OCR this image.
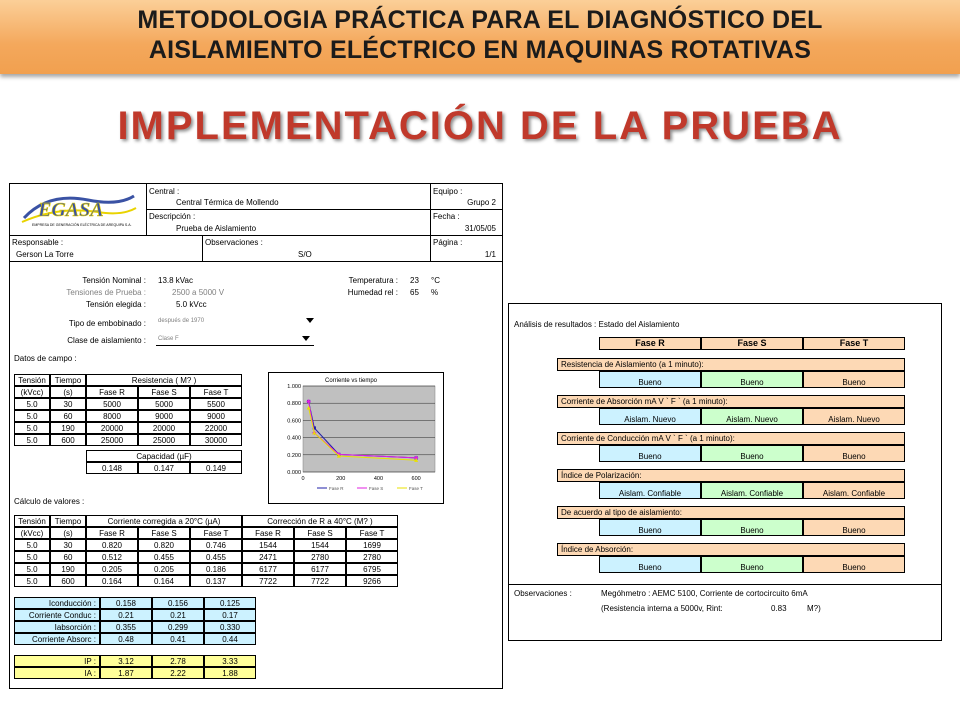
METODOLOGIA PRÁCTICA PARA EL DIAGNÓSTICO DEL
AISLAMIENTO ELÉCTRICO EN MAQUINAS ROTATIVAS
IMPLEMENTACIÓN DE LA PRUEBA
EGASA
EMPRESA DE GENERACIÓN ELÉCTRICA DE AREQUIPA S.A.
Central :
Central Térmica de Mollendo
Descripción :
Prueba de Aislamiento
Equipo :
Grupo 2
Fecha :
31/05/05
Responsable :
Gerson La Torre
Observaciones :
S/O
Página :
1/1
Tensión Nominal : 13.8 kVac
Tensiones de Prueba :	2500 a 5000 V
Tensión elegida :	5.0 kVcc
Temperatura : 23 °C
Humedad rel : 65 %
Tipo de embobinado : después de 1970
Clase de aislamiento : Clase F
Datos de campo :
Tensión	Tiempo	Resistencia ( M? )
(kVcc)	(s)	Fase R	Fase S	Fase T
5.0	30	5000	5000	5500
5.0	60	8000	9000	9000
5.0	190	20000	20000	22000
5.0	600	25000	25000	30000
Capacidad (µF)
0.148	0.147	0.149
Corriente vs tiempo
0.000
0.200
0.400
0.600
0.800
1.000
0	200	400	600
Fase R	Fase S	Fase T
Cálculo de valores :
Tensión	Tiempo	Corriente corregida a 20°C (µA)	Corrección de R a 40°C (M? )
(kVcc)	(s)	Fase R	Fase S	Fase T	Fase R	Fase S	Fase T
5.0	30	0.820	0.820	0.746	1544	1544	1699
5.0	60	0.512	0.455	0.455	2471	2780	2780
5.0	190	0.205	0.205	0.186	6177	6177	6795
5.0	600	0.164	0.164	0.137	7722	7722	9266
Iconducción :	0.158	0.156	0.125
Corriente Conduc :	0.21	0.21	0.17
Iabsorción :	0.355	0.299	0.330
Corriente Absorc :	0.48	0.41	0.44
IP :	3.12	2.78	3.33
IA :	1.87	2.22	1.88
Análisis de resultados : Estado del Aislamiento
Fase R	Fase S	Fase T
Resistencia de Aislamiento (a 1 minuto):
Bueno	Bueno	Bueno
Corriente de Absorción mA V ` F ` (a 1 minuto):
Aislam. Nuevo	Aislam. Nuevo	Aislam. Nuevo
Corriente de Conducción mA V ` F ` (a 1 minuto):
Bueno	Bueno	Bueno
Índice de Polarización:
Aislam. Confiable	Aislam. Confiable	Aislam. Confiable
De acuerdo al tipo de aislamiento:
Bueno	Bueno	Bueno
Índice de Absorción:
Bueno	Bueno	Bueno
Observaciones :	Megóhmetro : AEMC 5100, Corriente de cortocircuito 6mA
(Resistencia interna a 5000v, Rint:	0.83	M?)
